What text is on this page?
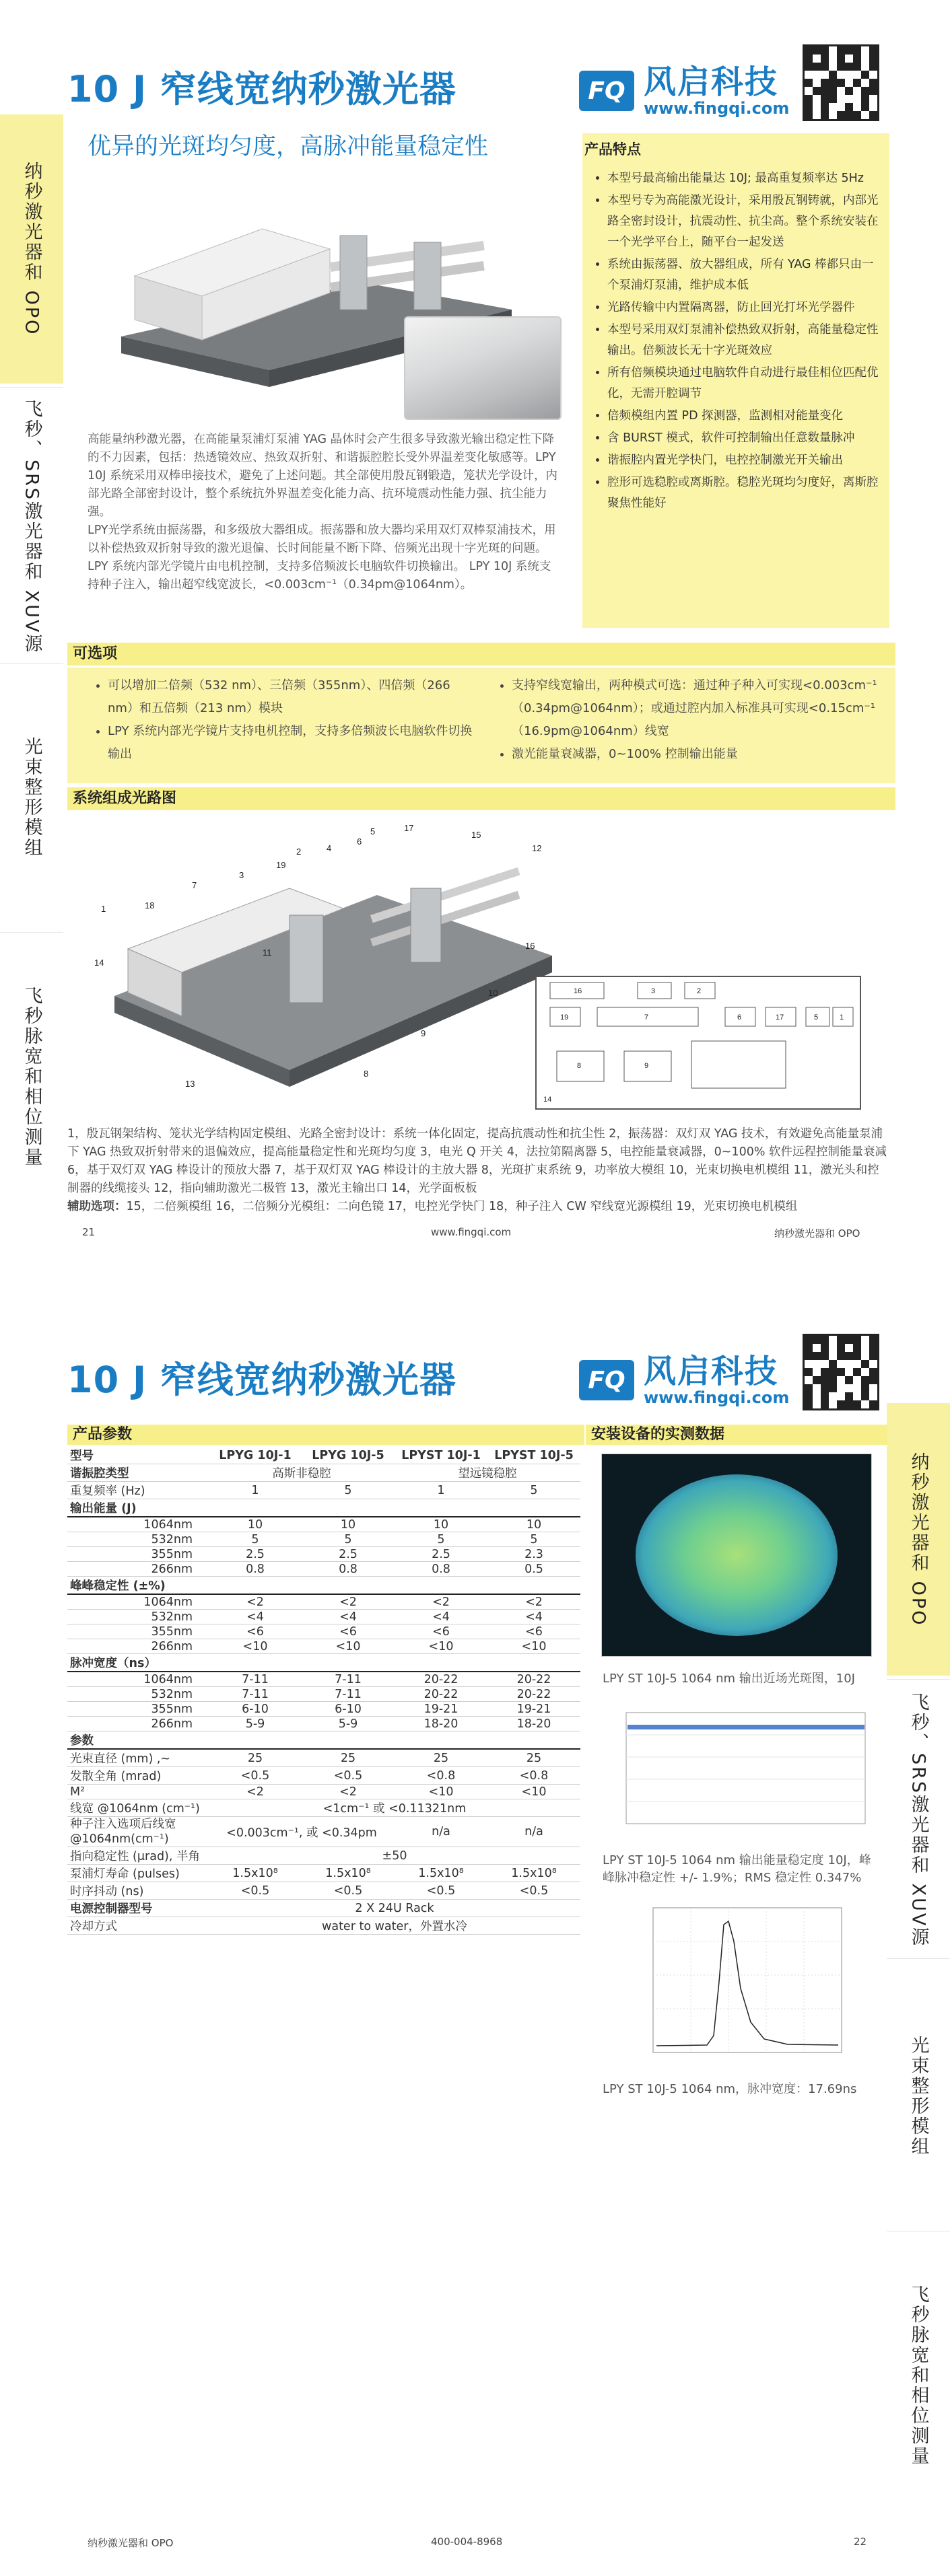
10 J 窄线宽纳秒激光器	FQ 风启科技
www.fingqi.com
优异的光斑均匀度，高脉冲能量稳定性
纳秒激光器和 OPO
飞秒、SRS激光器和 XUV源
光束整形模组
飞秒脉宽和相位测量
产品特点
• 本型号最高输出能量达 10J; 最高重复频率达 5Hz
• 本型号专为高能激光设计，采用殷瓦钢铸就，内部光路全密封设计，抗震动性、抗尘高。整个系统安装在一个光学平台上，随平台一起发送
• 系统由振荡器、放大器组成，所有 YAG 棒都只由一个泵浦灯泵浦，维护成本低
• 光路传输中内置隔离器，防止回光打坏光学器件
• 本型号采用双灯泵浦补偿热致双折射，高能量稳定性输出。倍频波长无十字光斑效应
• 所有倍频模块通过电脑软件自动进行最佳相位匹配优化，无需开腔调节
• 倍频模组内置 PD 探测器，监测相对能量变化
• 含 BURST 模式，软件可控制输出任意数量脉冲
• 谐振腔内置光学快门，电控控制激光开关输出
• 腔形可选稳腔或离斯腔。稳腔光斑均匀度好，离斯腔聚焦性能好

高能量纳秒激光器，在高能量泵浦灯泵浦 YAG 晶体时会产生很多导致激光输出稳定性下降的不力因素，包括：热透镜效应、热致双折射、和谐振腔腔长受外界温差变化敏感等。LPY 10J 系统采用双棒串接技术，避免了上述问题。其全部使用殷瓦钢锻造，笼状光学设计，内部光路全部密封设计，整个系统抗外界温差变化能力高、抗环境震动性能力强、抗尘能力强。

LPY光学系统由振荡器，和多级放大器组成。振荡器和放大器均采用双灯双棒泵浦技术，用以补偿热致双折射导致的激光退偏、长时间能量不断下降、倍频光出现十字光斑的问题。

LPY 系统内部光学镜片由电机控制，支持多倍频波长电脑软件切换输出。 LPY 10J 系统支持种子注入，输出超窄线宽波长，<0.003cm⁻¹（0.34pm@1064nm）。

可选项
• 可以增加二倍频（532 nm）、三倍频（355nm）、四倍频（266 nm）和五倍频（213 nm）模块
• LPY 系统内部光学镜片支持电机控制，支持多倍频波长电脑软件切换输出
• 支持窄线宽输出，两种模式可选：通过种子种入可实现<0.003cm⁻¹（0.34pm@1064nm）；或通过腔内加入标准具可实现<0.15cm⁻¹（16.9pm@1064nm）线宽
• 激光能量衰减器，0~100% 控制输出能量
系统组成光路图
1
2
3
4
5
6
7
8
9
10
11
12
13
14
15
16
17
18
19
16	3	2
19	7	6	17	5	1
8	9
14
1，殷瓦钢架结构、笼状光学结构固定模组、光路全密封设计：系统一体化固定，提高抗震动性和抗尘性 2，振荡器：双灯双 YAG 技术，有效避免高能量泵浦下 YAG 热致双折射带来的退偏效应，提高能量稳定性和光斑均匀度 3，电光 Q 开关 4，法拉第隔离器 5，电控能量衰减器，0~100% 软件远程控制能量衰减 6，基于双灯双 YAG 棒设计的预放大器 7，基于双灯双 YAG 棒设计的主放大器 8，光斑扩束系统 9，功率放大模组 10，光束切换电机模组 11，激光头和控制器的线缆接头 12，指向辅助激光二极管 13，激光主输出口 14，光学面板板
辅助选项：15，二倍频模组 16，二倍频分光模组：二向色镜 17，电控光学快门 18，种子注入 CW 窄线宽光源模组 19，光束切换电机模组
21	www.fingqi.com	纳秒激光器和 OPO
10 J 窄线宽纳秒激光器	FQ 风启科技
www.fingqi.com
纳秒激光器和 OPO
飞秒、SRS激光器和 XUV源
光束整形模组
飞秒脉宽和相位测量
产品参数	安装设备的实测数据
型号	LPYG 10J-1	LPYG 10J-5	LPYST 10J-1	LPYST 10J-5
谐振腔类型	高斯非稳腔		望远镜稳腔	
重复频率 (Hz)	1	5	1	5
输出能量 (J)				
1064nm	10	10	10	10
532nm	5	5	5	5
355nm	2.5	2.5	2.5	2.3
266nm	0.8	0.8	0.8	0.5
峰峰稳定性 (±%)				
1064nm	<2	<2	<2	<2
532nm	<4	<4	<4	<4
355nm	<6	<6	<6	<6
266nm	<10	<10	<10	<10
脉冲宽度（ns）				
1064nm	7-11	7-11	20-22	20-22
532nm	7-11	7-11	20-22	20-22
355nm	6-10	6-10	19-21	19-21
266nm	5-9	5-9	18-20	18-20
参数				
光束直径 (mm) ,~	25	25	25	25
发散全角 (mrad)	<0.5	<0.5	<0.8	<0.8
M²	<2	<2	<10	<10
线宽 @1064nm (cm⁻¹)	<1cm⁻¹ 或 <0.11321nm			
种子注入选项后线宽 @1064nm(cm⁻¹)	<0.003cm⁻¹, 或 <0.34pm		n/a	n/a
指向稳定性 (μrad), 半角	±50			
泵浦灯寿命 (pulses)	1.5x10⁸	1.5x10⁸	1.5x10⁸	1.5x10⁸
时序抖动 (ns)	<0.5	<0.5	<0.5	<0.5
电源控制器型号	2 X 24U Rack			
冷却方式	water to water，外置水冷			
LPY ST 10J-5 1064 nm 输出近场光斑图，10J
LPY ST 10J-5 1064 nm 输出能量稳定度 10J，峰峰脉冲稳定性 +/- 1.9%；RMS 稳定性 0.347%
LPY ST 10J-5 1064 nm，脉冲宽度：17.69ns
纳秒激光器和 OPO	400-004-8968	22
